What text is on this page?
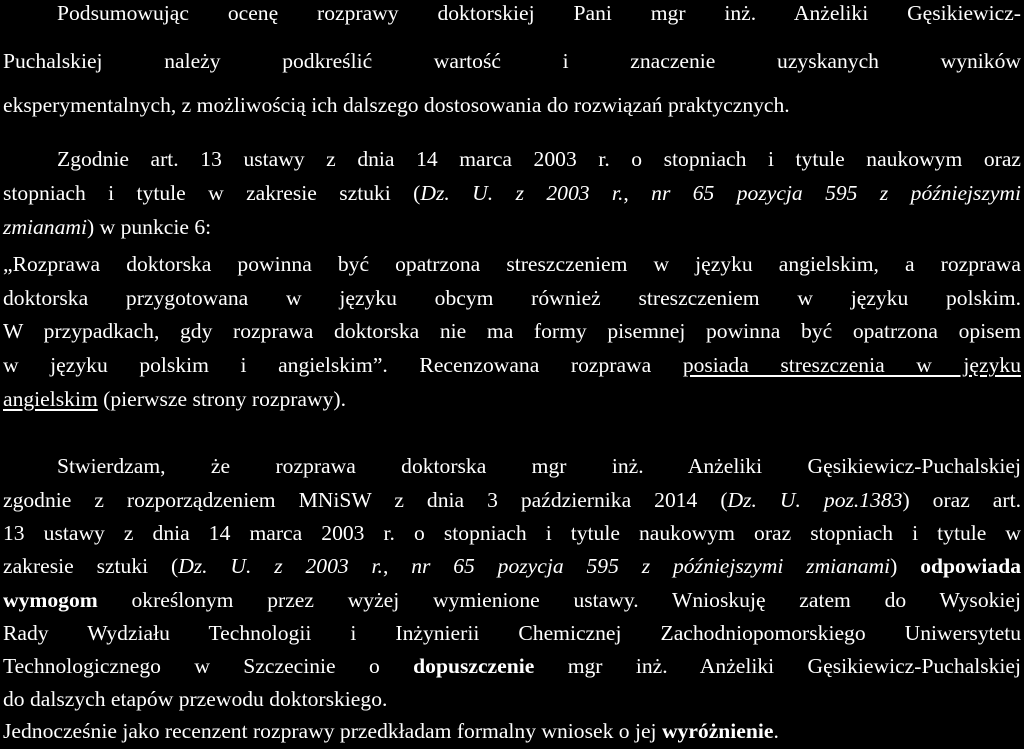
Podsumowując ocenę rozprawy doktorskiej Pani mgr inż. Anżeliki Gęsikiewicz-
Puchalskiej należy podkreślić wartość i znaczenie uzyskanych wyników
eksperymentalnych, z możliwością ich dalszego dostosowania do rozwiązań praktycznych.
Zgodnie art. 13 ustawy z dnia 14 marca 2003 r. o stopniach i tytule naukowym oraz
stopniach i tytule w zakresie sztuki (Dz. U. z 2003 r., nr 65 pozycja 595 z późniejszymi
zmianami) w punkcie 6:
„Rozprawa doktorska powinna być opatrzona streszczeniem w języku angielskim, a rozprawa
doktorska przygotowana w języku obcym również streszczeniem w języku polskim.
W przypadkach, gdy rozprawa doktorska nie ma formy pisemnej powinna być opatrzona opisem
w języku polskim i angielskim”. Recenzowana rozprawa posiada streszczenia w języku
angielskim (pierwsze strony rozprawy).
Stwierdzam, że rozprawa doktorska mgr inż. Anżeliki Gęsikiewicz-Puchalskiej
zgodnie z rozporządzeniem MNiSW z dnia 3 października 2014 (Dz. U. poz.1383) oraz art.
13 ustawy z dnia 14 marca 2003 r. o stopniach i tytule naukowym oraz stopniach i tytule w
zakresie sztuki (Dz. U. z 2003 r., nr 65 pozycja 595 z późniejszymi zmianami) odpowiada
wymogom określonym przez wyżej wymienione ustawy. Wnioskuję zatem do Wysokiej
Rady Wydziału Technologii i Inżynierii Chemicznej Zachodniopomorskiego Uniwersytetu
Technologicznego w Szczecinie o dopuszczenie mgr inż. Anżeliki Gęsikiewicz-Puchalskiej
do dalszych etapów przewodu doktorskiego.
Jednocześnie jako recenzent rozprawy przedkładam formalny wniosek o jej wyróżnienie.
